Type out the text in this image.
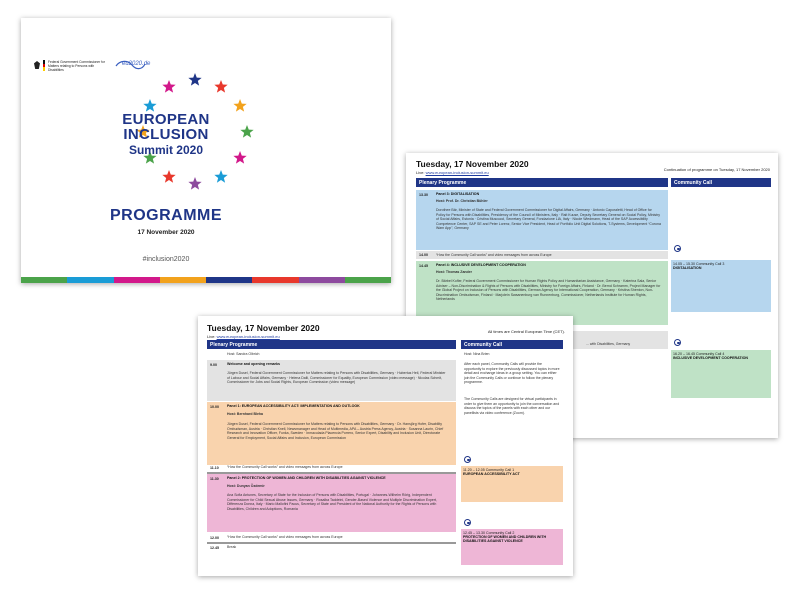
Federal Government Commissioner for Matters relating to Persons with Disabilities
eu2020.de
EUROPEAN
INCLUSION
Summit 2020
PROGRAMME
17 November 2020
#inclusion2020
Tuesday, 17 November 2020
Live: www.european-inclusion-summit.eu
Continuation of programme on Tuesday, 17 November 2020
Plenary Programme	Community Call
13.30 Panel 3: DIGITALISATION
Host: Prof. Dr. Christian Bühler
Dorothee Bär, Minister of State and Federal Government Commissioner for Digital Affairs, Germany · Antonio Caporaletti, Head of Office for Policy for Persons with Disabilities, Presidency of the Council of Ministers, Italy · Rait Kuuse, Deputy Secretary General on Social Policy, Ministry of Social Affairs, Estonia · Cristina Muscuccl, Secretary General, Fondazione LIA, Italy · Nicole Wiedmann, Head of the SAP Accessibility Competence Center, SAP SE and Peter Lorenz, Senior Vice President, Head of Portfolio Unit Digital Solutions, T-Systems, Development “Corona Warn App”, Germany
14.00 “How the Community Call works” and video messages from across Europe
14.45 Panel 4: INCLUSIVE DEVELOPMENT COOPERATION
Host: Thomas Zander
Dr. Bärbel Kofler, Federal Government Commissioner for Human Rights Policy and Humanitarian Assistance, Germany · Katerina Sala, Senior Adviser – Non-Discrimination & Rights of Persons with Disabilities, Ministry for Foreign Affairs, Finland · Dr. Bernd Schramm, Project Manager for the Global Project on Inclusion of Persons with Disabilities, German Agency for International Cooperation, Germany · Kristina Shenton, Non-Discrimination Ombudsman, Finland · Marjolein Swaanenburg van Runnenburg, Commissioner, Netherlands Institute for Human Rights, Netherlands
... with Disabilities, Germany
14.05 – 15.30 Community Call 3
DIGITALISATION
16.20 – 16.45 Community Call 4
INCLUSIVE DEVELOPMENT COOPERATION
Tuesday, 17 November 2020
Live: www.european-inclusion-summit.eu
All times are Central European Time (CET).
Plenary Programme	Community Call
Host: Sandra Olbrich	Host: Nina Brien
9.00	Welcome and opening remarks
Jürgen Dusel, Federal Government Commissioner for Matters relating to Persons with Disabilities, Germany · Hubertus Heil, Federal Minister of Labour and Social Affairs, Germany · Helena Dalli, Commissioner for Equality, European Commission (video message) · Nicolas Schmit, Commissioner for Jobs and Social Rights, European Commission (video message)
10.00 Panel 1: EUROPEAN ACCESSIBILITY ACT: IMPLEMENTATION AND OUTLOOK
Host: Bernhard Bleha
Jürgen Dusel, Federal Government Commissioner for Matters relating to Persons with Disabilities, Germany · Dr. Hansjörg Hofer, Disability Ombudsman, Austria · Christian Knell, Newsmanager and Head of Multimedia, APA – Austria Press Agency, Austria · Susanna Laurin, Chief Research and Innovation Officer, Funka, Sweden · Inmaculada Placencia Porrero, Senior Expert, Disability and Inclusion Unit, Directorate General for Employment, Social Affairs and Inclusion, European Commission
11.10 “How the Community Call works” and video messages from across Europe
11.30 Panel 2: PROTECTION OF WOMEN AND CHILDREN WITH DISABILITIES AGAINST VIOLENCE
Host: Dunyan Özdemir
Ana Sofia Antunes, Secretary of State for the Inclusion of Persons with Disabilities, Portugal · Johannes-Wilhelm Rörig, Independent Commissioner for Child Sexual Abuse Issues, Germany · Rosalba Taddeini, Gender-Based Violence and Multiple Discrimination Expert, Differenza Donna, Italy · Mario Mallofini Pacus, Secretary of State and President of the National Authority for the Rights of Persons with Disabilities, Children and Adoptions, Romania
12.00 “How the Community Call works” and video messages from across Europe
12.45 Break
After each panel, Community Calls will provide the opportunity to explore the previously discussed topics in more detail and exchange ideas in a group setting. You can either join the Community Calls or continue to follow the plenary programme.
The Community Calls are designed for virtual participants in order to give them an opportunity to join the conversation and discuss the topics of the panels with each other and our panellists via video conference (Zoom).
11.20 – 12.05 Community Call 1
EUROPEAN ACCESSIBILITY ACT
12.45 – 13.30 Community Call 2
PROTECTION OF WOMEN AND CHILDREN WITH DISABILITIES AGAINST VIOLENCE
